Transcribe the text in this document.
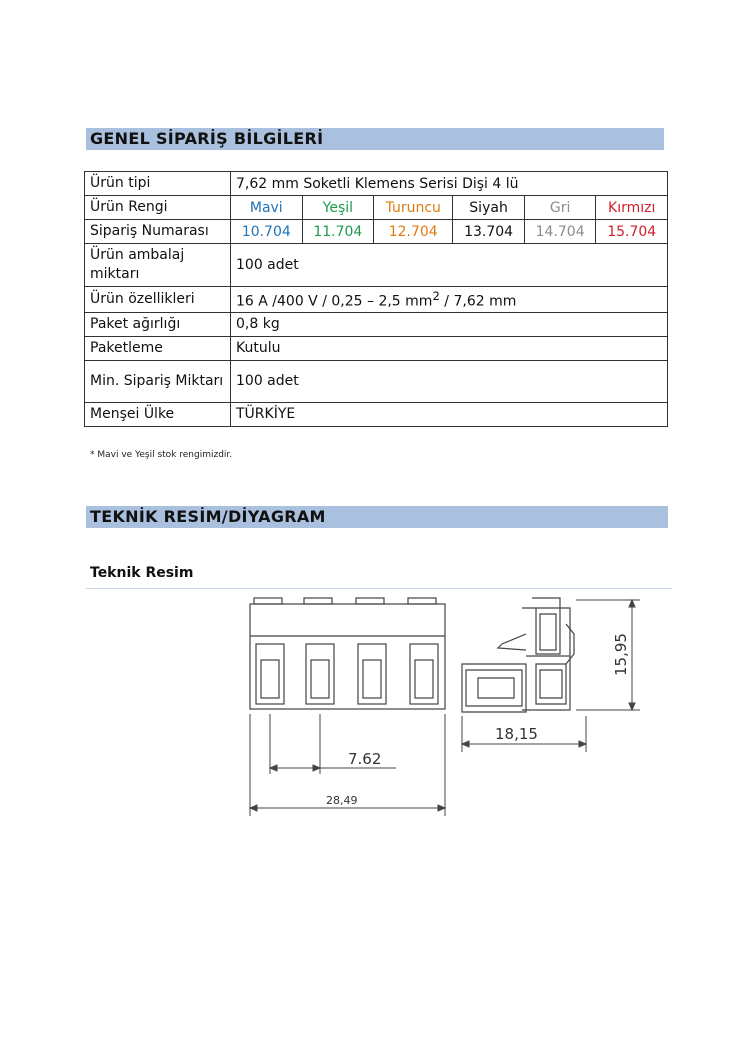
GENEL SİPARİŞ BİLGİLERİ
Ürün tipi	7,62 mm Soketli Klemens Serisi Dişi 4 lü					
Ürün Rengi	Mavi	Yeşil	Turuncu	Siyah	Gri	Kırmızı
Sipariş Numarası	10.704	11.704	12.704	13.704	14.704	15.704
Ürün ambalaj miktarı	100 adet					
Ürün özellikleri	16 A /400 V / 0,25 – 2,5 $mm^2 / 7,62$ mm					
Paket ağırlığı	0,8 kg					
Paketleme	Kutulu					
Min. Sipariş Miktarı	100 adet					
Menşei Ülke	TÜRKİYE					
* Mavi ve Yeşil stok rengimizdir.
TEKNİK RESİM/DİYAGRAM
Teknik Resim
7.62
28,49
18,15
15,95
